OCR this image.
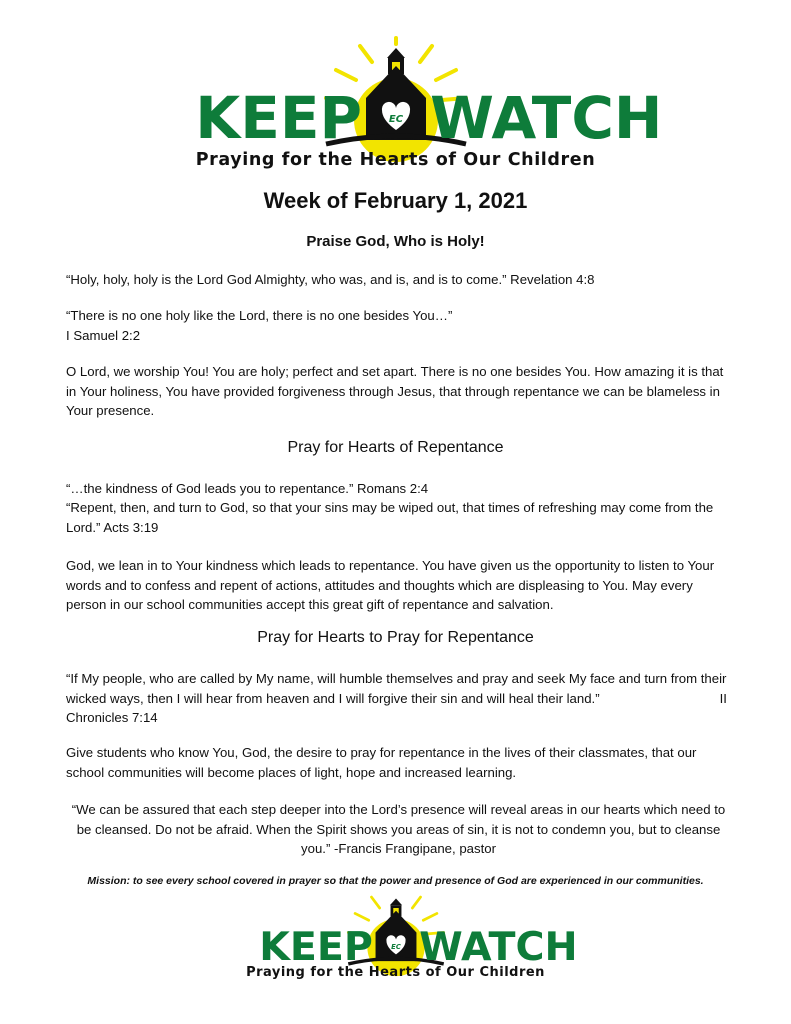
EC
KEEP WATCH
Praying for the Hearts of Our Children
Week of February 1, 2021
Praise God, Who is Holy!

“Holy, holy, holy is the Lord God Almighty, who was, and is, and is to come.” Revelation 4:8

“There is no one holy like the Lord, there is no one besides You…”
I Samuel 2:2

O Lord, we worship You! You are holy; perfect and set apart. There is no one besides You. How amazing it is that in Your holiness, You have provided forgiveness through Jesus, that through repentance we can be blameless in Your presence.

Pray for Hearts of Repentance

“…the kindness of God leads you to repentance.” Romans 2:4

“Repent, then, and turn to God, so that your sins may be wiped out, that times of refreshing may come from the Lord.” Acts 3:19

God, we lean in to Your kindness which leads to repentance. You have given us the opportunity to listen to Your words and to confess and repent of actions, attitudes and thoughts which are displeasing to You. May every person in our school communities accept this great gift of repentance and salvation.

Pray for Hearts to Pray for Repentance

“If My people, who are called by My name, will humble themselves and pray and seek My face and turn from their wicked ways, then I will hear from heaven and I will forgive their sin and will heal their land.”	II Chronicles 7:14

Give students who know You, God, the desire to pray for repentance in the lives of their classmates, that our school communities will become places of light, hope and increased learning.

“We can be assured that each step deeper into the Lord’s presence will reveal areas in our hearts which need to be cleansed. Do not be afraid. When the Spirit shows you areas of sin, it is not to condemn you, but to cleanse you.” -Francis Frangipane, pastor

Mission: to see every school covered in prayer so that the power and presence of God are experienced in our communities.

EC
KEEP WATCH
Praying for the Hearts of Our Children
